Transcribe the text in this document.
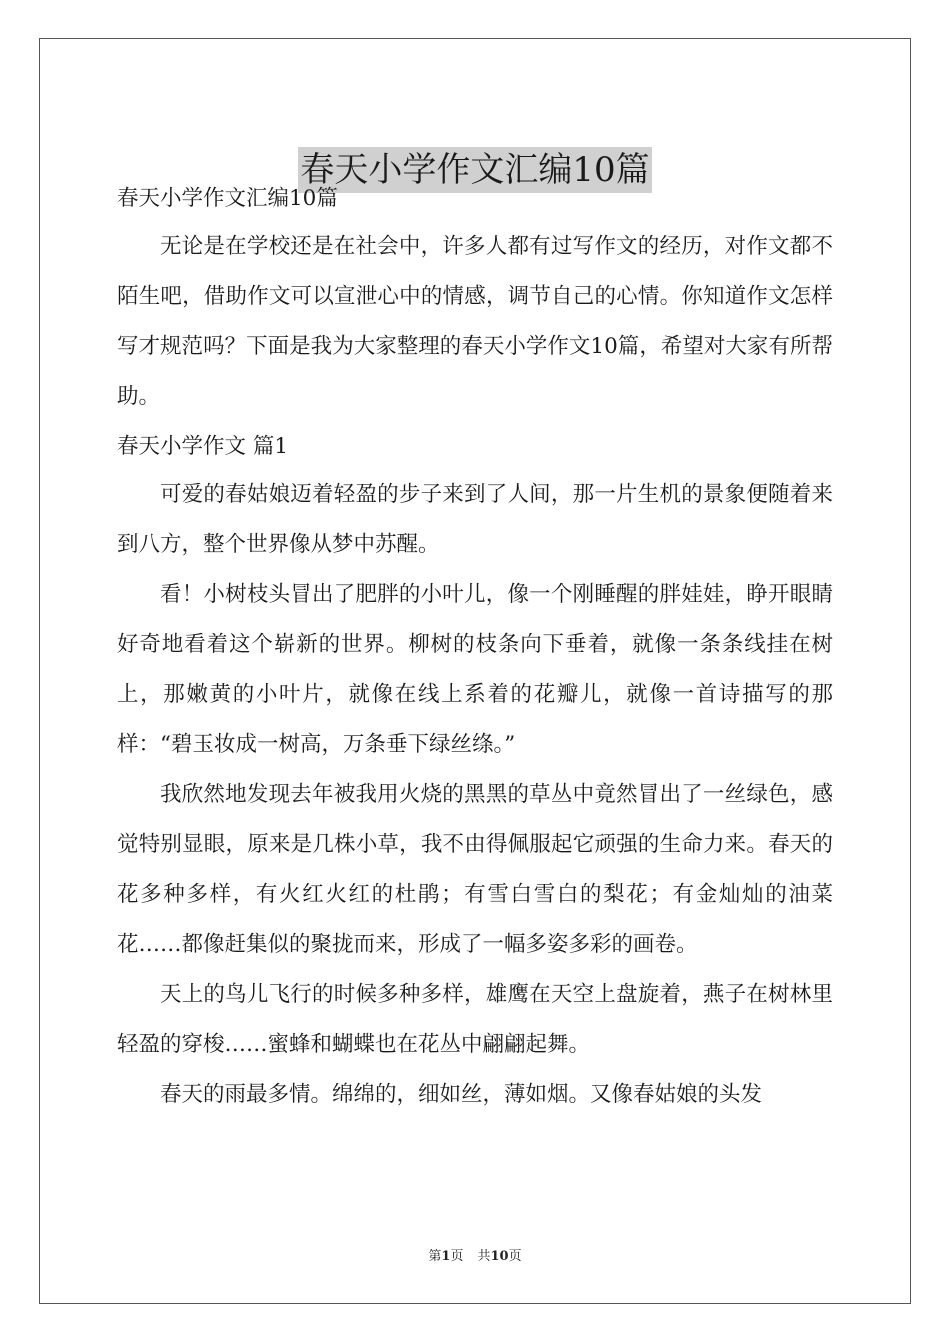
春天小学作文汇编10篇

春天小学作文汇编10篇

无论是在学校还是在社会中，许多人都有过写作文的经历，对作文都不陌生吧，借助作文可以宣泄心中的情感，调节自己的心情。你知道作文怎样写才规范吗？下面是我为大家整理的春天小学作文10篇，希望对大家有所帮助。

春天小学作文 篇1

可爱的春姑娘迈着轻盈的步子来到了人间，那一片生机的景象便随着来到八方，整个世界像从梦中苏醒。

看！小树枝头冒出了肥胖的小叶儿，像一个刚睡醒的胖娃娃，睁开眼睛好奇地看着这个崭新的世界。柳树的枝条向下垂着，就像一条条线挂在树上，那嫩黄的小叶片，就像在线上系着的花瓣儿，就像一首诗描写的那样：“碧玉妆成一树高，万条垂下绿丝绦。”

我欣然地发现去年被我用火烧的黑黑的草丛中竟然冒出了一丝绿色，感觉特别显眼，原来是几株小草，我不由得佩服起它顽强的生命力来。春天的花多种多样，有火红火红的杜鹃；有雪白雪白的梨花；有金灿灿的油菜花……都像赶集似的聚拢而来，形成了一幅多姿多彩的画卷。

天上的鸟儿飞行的时候多种多样，雄鹰在天空上盘旋着，燕子在树林里轻盈的穿梭……蜜蜂和蝴蝶也在花丛中翩翩起舞。

春天的雨最多情。绵绵的，细如丝，薄如烟。又像春姑娘的头发

第1页 共10页
